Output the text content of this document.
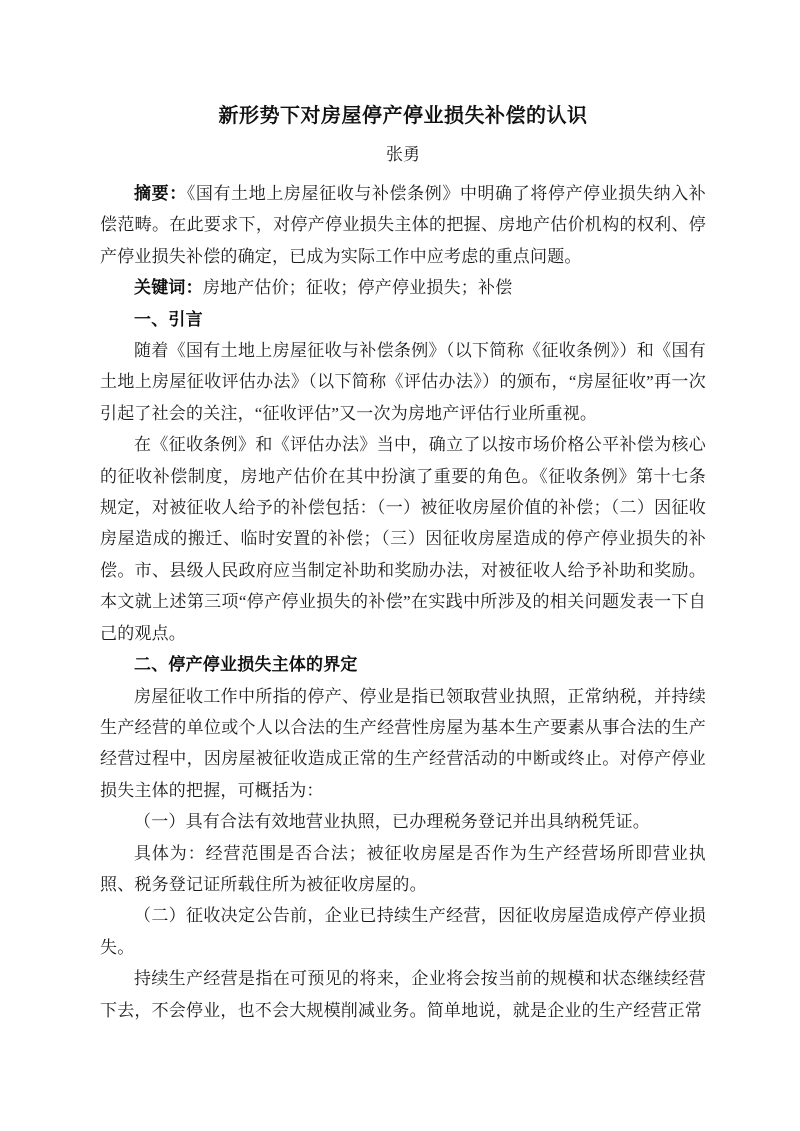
新形势下对房屋停产停业损失补偿的认识
张勇

摘要：《国有土地上房屋征收与补偿条例》中明确了将停产停业损失纳入补偿范畴。在此要求下，对停产停业损失主体的把握、房地产估价机构的权利、停产停业损失补偿的确定，已成为实际工作中应考虑的重点问题。

关键词：房地产估价；征收；停产停业损失；补偿

一、引言

随着《国有土地上房屋征收与补偿条例》（以下简称《征收条例》）和《国有土地上房屋征收评估办法》（以下简称《评估办法》）的颁布，“房屋征收”再一次引起了社会的关注，“征收评估”又一次为房地产评估行业所重视。

在《征收条例》和《评估办法》当中，确立了以按市场价格公平补偿为核心的征收补偿制度，房地产估价在其中扮演了重要的角色。《征收条例》第十七条规定，对被征收人给予的补偿包括：（一）被征收房屋价值的补偿；（二）因征收房屋造成的搬迁、临时安置的补偿；（三）因征收房屋造成的停产停业损失的补偿。市、县级人民政府应当制定补助和奖励办法，对被征收人给予补助和奖励。本文就上述第三项“停产停业损失的补偿”在实践中所涉及的相关问题发表一下自己的观点。

二、停产停业损失主体的界定

房屋征收工作中所指的停产、停业是指已领取营业执照，正常纳税，并持续生产经营的单位或个人以合法的生产经营性房屋为基本生产要素从事合法的生产经营过程中，因房屋被征收造成正常的生产经营活动的中断或终止。对停产停业损失主体的把握，可概括为：

（一）具有合法有效地营业执照，已办理税务登记并出具纳税凭证。

具体为：经营范围是否合法；被征收房屋是否作为生产经营场所即营业执照、税务登记证所载住所为被征收房屋的。

（二）征收决定公告前，企业已持续生产经营，因征收房屋造成停产停业损失。

持续生产经营是指在可预见的将来，企业将会按当前的规模和状态继续经营下去，不会停业，也不会大规模削减业务。简单地说，就是企业的生产经营正常
